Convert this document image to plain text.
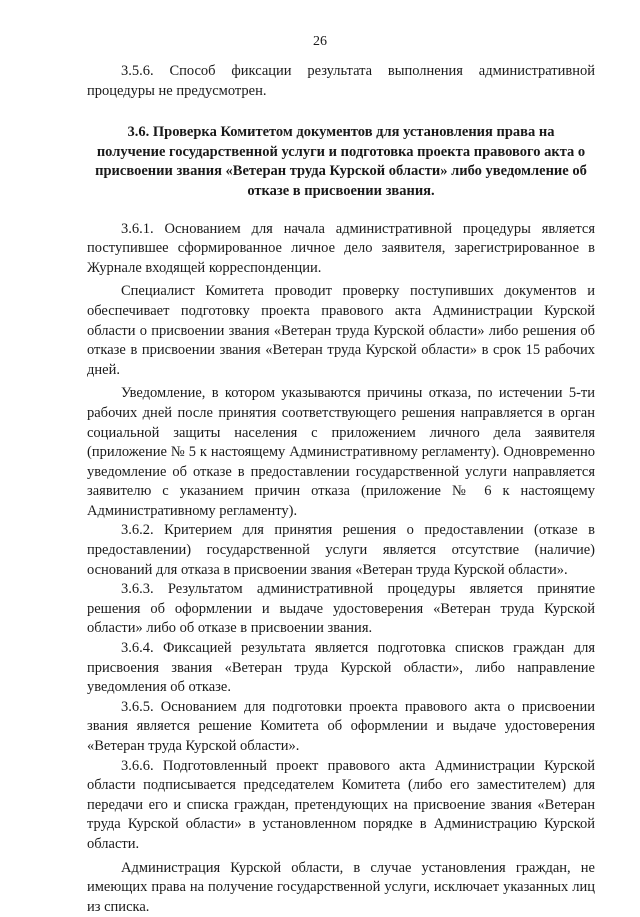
26

3.5.6. Способ фиксации результата выполнения административной процедуры не предусмотрен.

3.6. Проверка Комитетом документов для установления права на получение государственной услуги и подготовка проекта правового акта о присвоении звания «Ветеран труда Курской области» либо уведомление об отказе в присвоении звания.

3.6.1. Основанием для начала административной процедуры является поступившее сформированное личное дело заявителя, зарегистрированное в Журнале входящей корреспонденции.

Специалист Комитета проводит проверку поступивших документов и обеспечивает подготовку проекта правового акта Администрации Курской области о присвоении звания «Ветеран труда Курской области» либо решения об отказе в присвоении звания «Ветеран труда Курской области» в срок 15 рабочих дней.

Уведомление, в котором указываются причины отказа, по истечении 5-ти рабочих дней после принятия соответствующего решения направляется в орган социальной защиты населения с приложением личного дела заявителя (приложение № 5 к настоящему Административному регламенту). Одновременно уведомление об отказе в предоставлении государственной услуги направляется заявителю с указанием причин отказа (приложение № 6 к настоящему Административному регламенту).

3.6.2. Критерием для принятия решения о предоставлении (отказе в предоставлении) государственной услуги является отсутствие (наличие) оснований для отказа в присвоении звания «Ветеран труда Курской области».

3.6.3. Результатом административной процедуры является принятие решения об оформлении и выдаче удостоверения «Ветеран труда Курской области» либо об отказе в присвоении звания.

3.6.4. Фиксацией результата является подготовка списков граждан для присвоения звания «Ветеран труда Курской области», либо направление уведомления об отказе.

3.6.5. Основанием для подготовки проекта правового акта о присвоении звания является решение Комитета об оформлении и выдаче удостоверения «Ветеран труда Курской области».

3.6.6. Подготовленный проект правового акта Администрации Курской области подписывается председателем Комитета (либо его заместителем) для передачи его и списка граждан, претендующих на присвоение звания «Ветеран труда Курской области» в установленном порядке в Администрацию Курской области.

Администрация Курской области, в случае установления граждан, не имеющих права на получение государственной услуги, исключает указанных лиц из списка.
